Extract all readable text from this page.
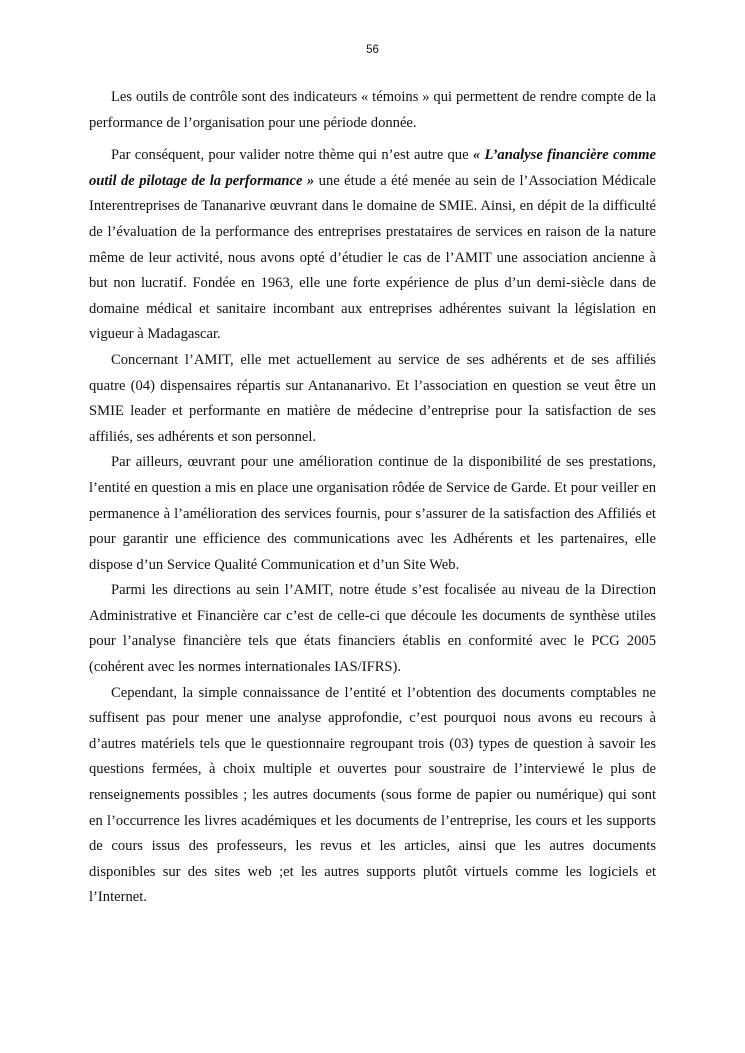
56

Les outils de contrôle sont des indicateurs « témoins » qui permettent de rendre compte de la performance de l’organisation pour une période donnée.

Par conséquent, pour valider notre thème qui n’est autre que « L’analyse financière comme outil de pilotage de la performance » une étude a été menée au sein de l’Association Médicale Interentreprises de Tananarive œuvrant dans le domaine de SMIE. Ainsi, en dépit de la difficulté de l’évaluation de la performance des entreprises prestataires de services en raison de la nature même de leur activité, nous avons opté d’étudier le cas de l’AMIT une association ancienne à but non lucratif. Fondée en 1963, elle une forte expérience de plus d’un demi-siècle dans de domaine médical et sanitaire incombant aux entreprises adhérentes suivant la législation en vigueur à Madagascar.

Concernant l’AMIT, elle met actuellement au service de ses adhérents et de ses affiliés quatre (04) dispensaires répartis sur Antananarivo. Et l’association en question se veut être un SMIE leader et performante en matière de médecine d’entreprise pour la satisfaction de ses affiliés, ses adhérents et son personnel.

Par ailleurs, œuvrant pour une amélioration continue de la disponibilité de ses prestations, l’entité en question a mis en place une organisation rôdée de Service de Garde. Et pour veiller en permanence à l’amélioration des services fournis, pour s’assurer de la satisfaction des Affiliés et pour garantir une efficience des communications avec les Adhérents et les partenaires, elle dispose d’un Service Qualité Communication et d’un Site Web.

Parmi les directions au sein l’AMIT, notre étude s’est focalisée au niveau de la Direction Administrative et Financière car c’est de celle-ci que découle les documents de synthèse utiles pour l’analyse financière tels que états financiers établis en conformité avec le PCG 2005 (cohérent avec les normes internationales IAS/IFRS).

Cependant, la simple connaissance de l’entité et l’obtention des documents comptables ne suffisent pas pour mener une analyse approfondie, c’est pourquoi nous avons eu recours à d’autres matériels tels que le questionnaire regroupant trois (03) types de question à savoir les questions fermées, à choix multiple et ouvertes pour soustraire de l’interviewé le plus de renseignements possibles ; les autres documents (sous forme de papier ou numérique) qui sont en l’occurrence les livres académiques et les documents de l’entreprise, les cours et les supports de cours issus des professeurs, les revus et les articles, ainsi que les autres documents disponibles sur des sites web ;et les autres supports plutôt virtuels comme les logiciels et l’Internet.
